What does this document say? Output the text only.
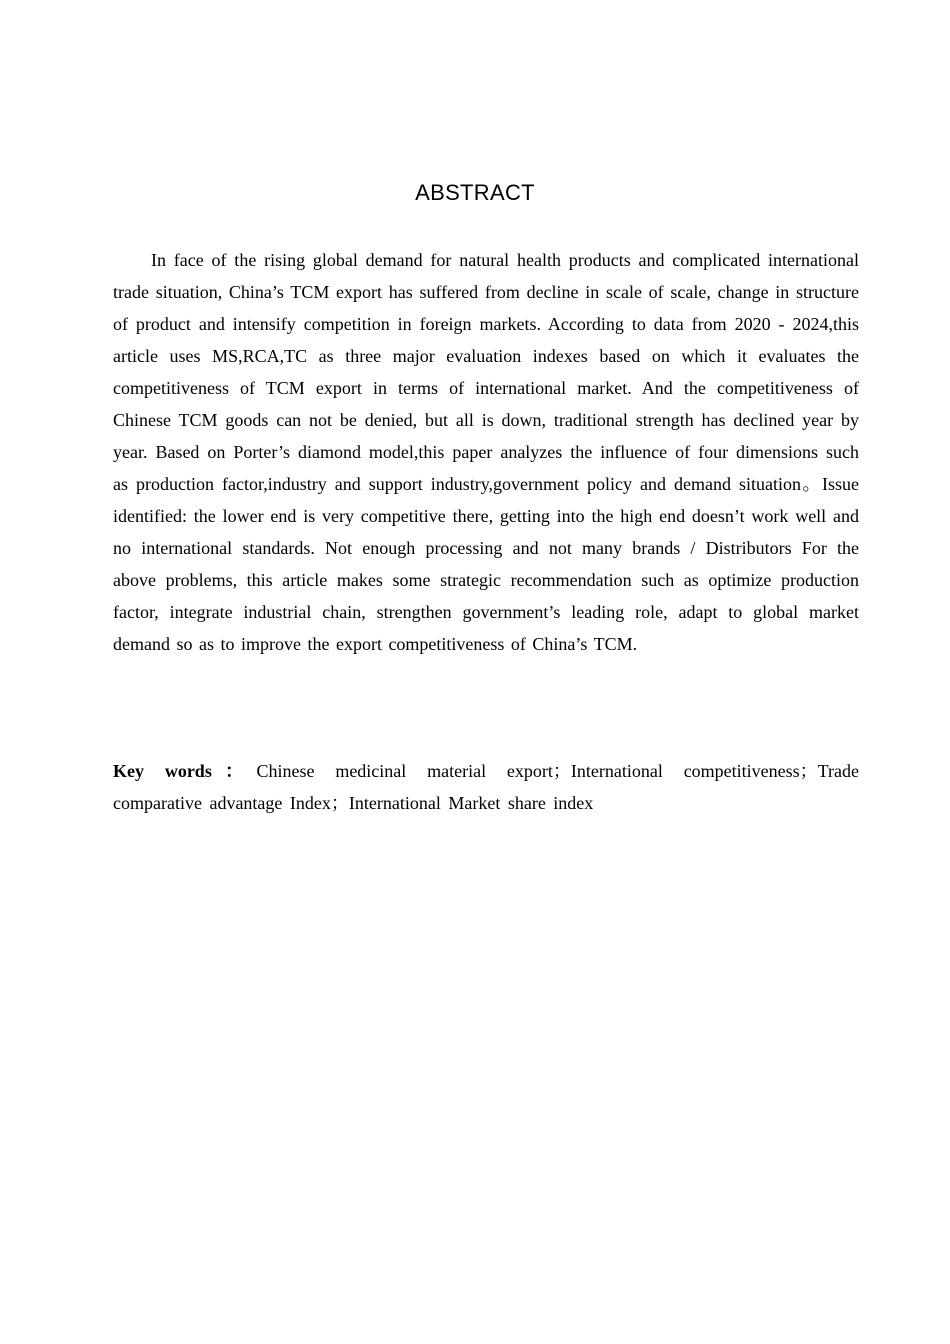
ABSTRACT

In face of the rising global demand for natural health products and complicated international trade situation, China’s TCM export has suffered from decline in scale of scale, change in structure of product and intensify competition in foreign markets. According to data from 2020 - 2024,this article uses MS,RCA,TC as three major evaluation indexes based on which it evaluates the competitiveness of TCM export in terms of international market. And the competitiveness of Chinese TCM goods can not be denied, but all is down, traditional strength has declined year by year. Based on Porter’s diamond model,this paper analyzes the influence of four dimensions such as production factor,industry and support industry,government policy and demand situation。Issue identified: the lower end is very competitive there, getting into the high end doesn’t work well and no international standards. Not enough processing and not many brands / Distributors For the above problems, this article makes some strategic recommendation such as optimize production factor, integrate industrial chain, strengthen government’s leading role, adapt to global market demand so as to improve the export competitiveness of China’s TCM.

Key words：Chinese medicinal material export；International competitiveness；Trade comparative advantage Index；International Market share index
